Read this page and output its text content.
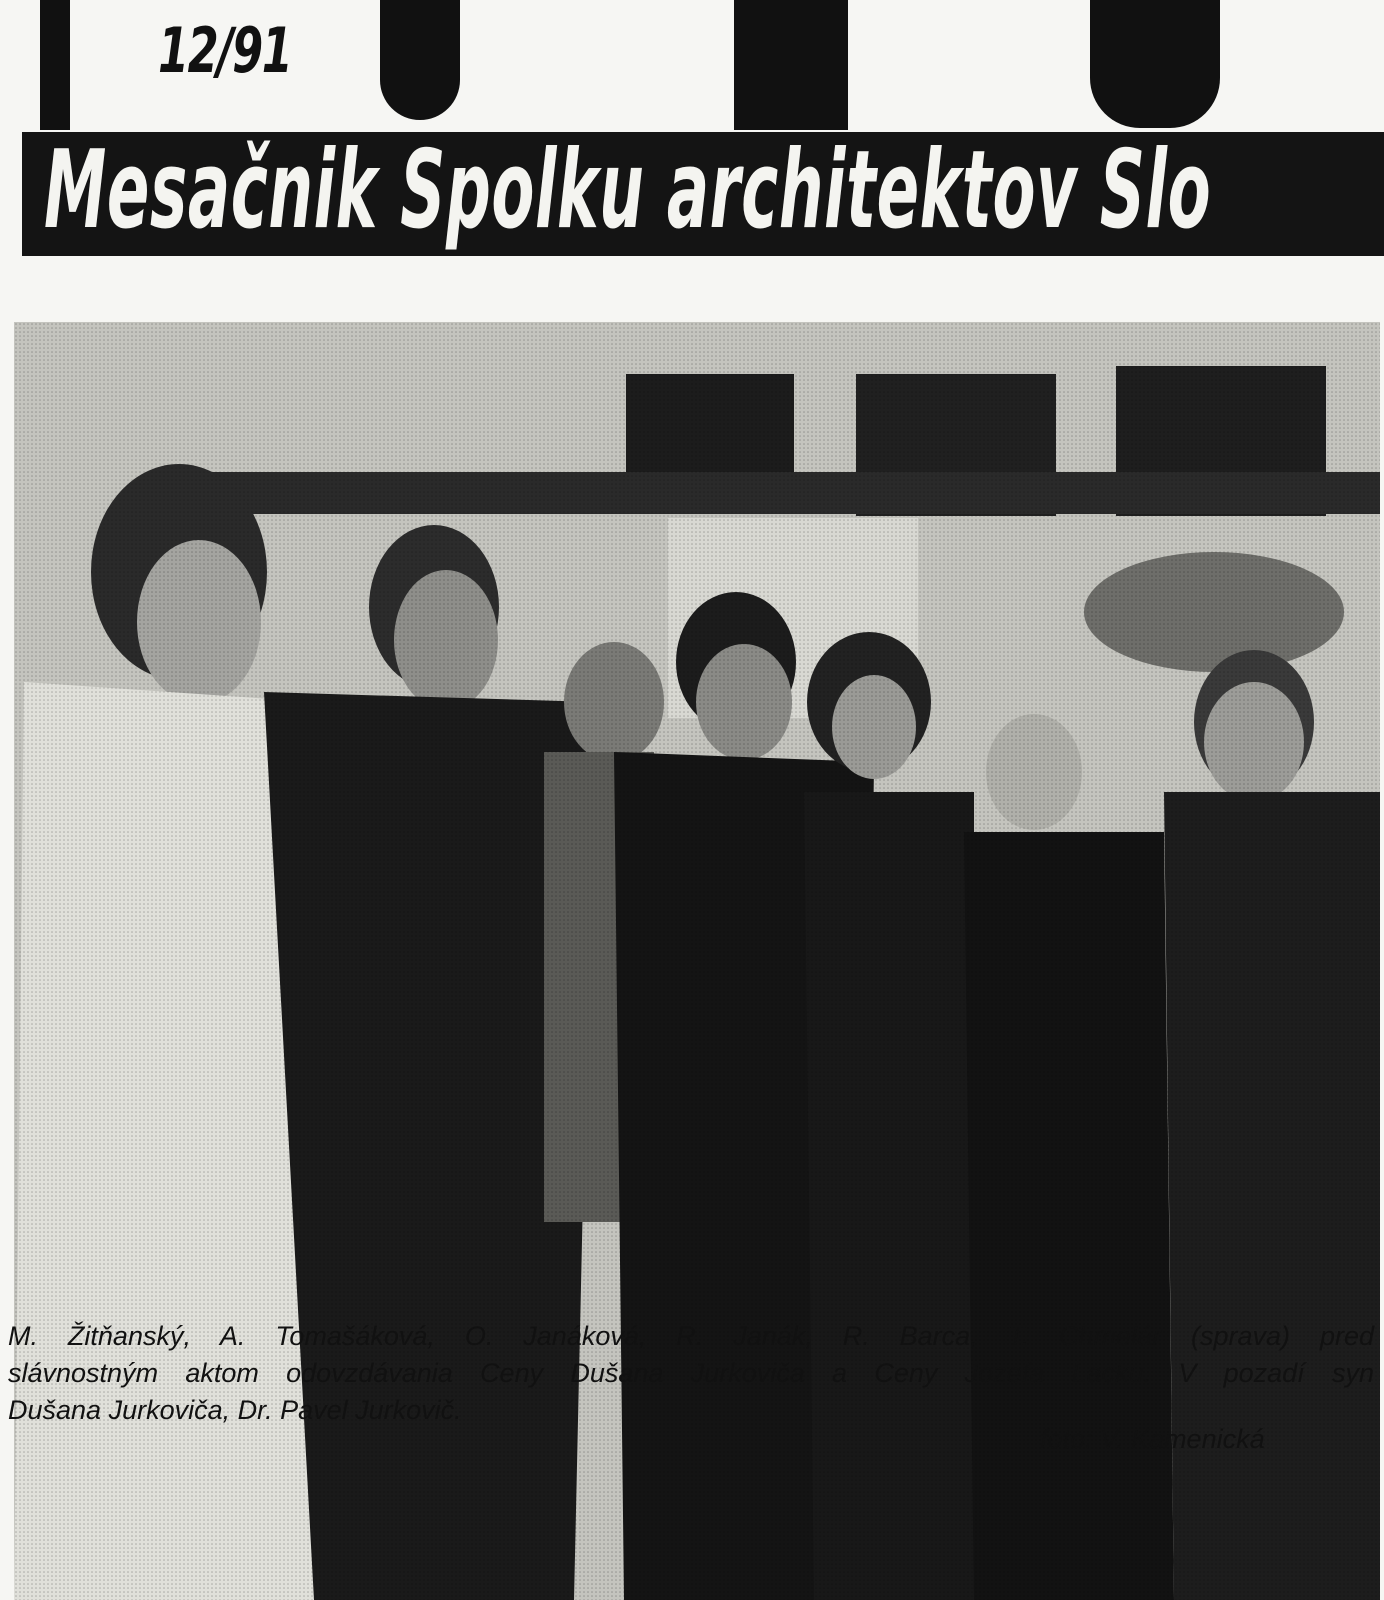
12/91
Mesačnik Spolku architektov Slo
M. Žitňanský, A. Tomašáková, O. Janáková, R. Janák, R. Barca, T. Chmelár (sprava) pred
slávnostným aktom odovzdávania Ceny Dušana Jurkoviča a Ceny Jozefa Lacku. V pozadí syn
Dušana Jurkoviča, Dr. Pavel Jurkovič.
foto: V. Kamenická
